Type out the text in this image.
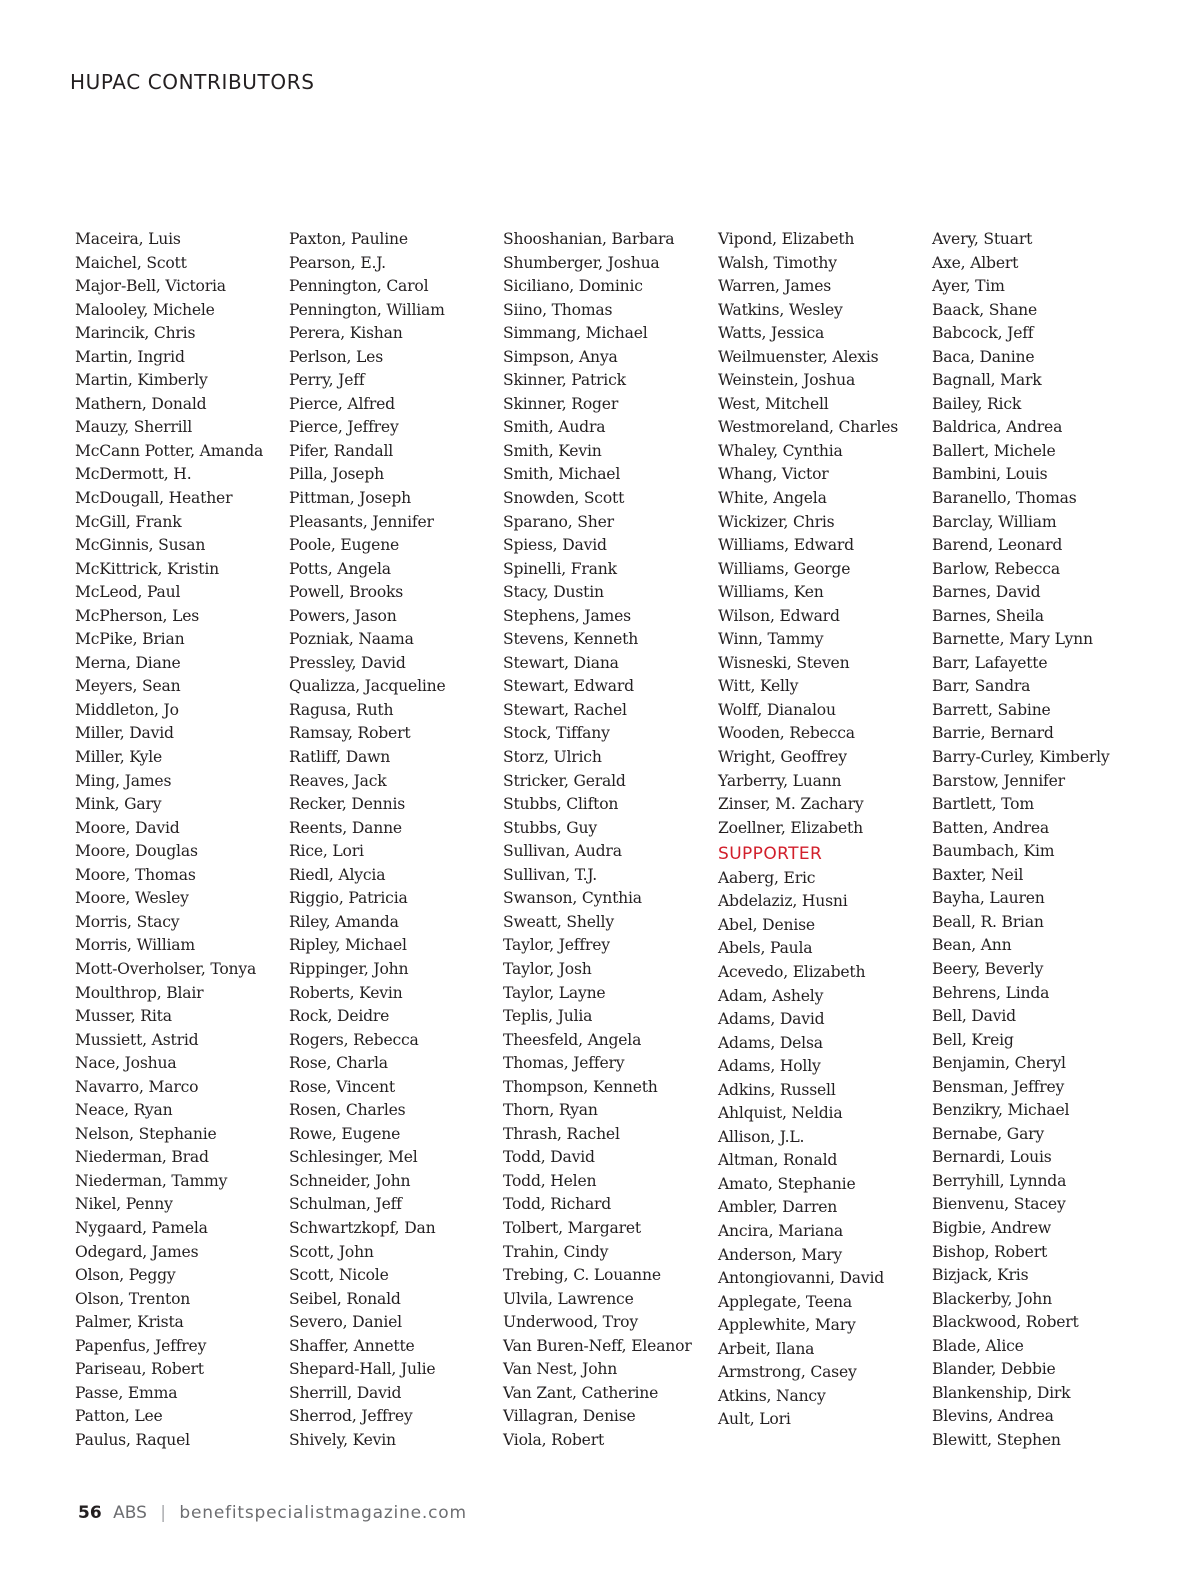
HUPAC CONTRIBUTORS
Maceira, Luis
Maichel, Scott
Major-Bell, Victoria
Malooley, Michele
Marincik, Chris
Martin, Ingrid
Martin, Kimberly
Mathern, Donald
Mauzy, Sherrill
McCann Potter, Amanda
McDermott, H.
McDougall, Heather
McGill, Frank
McGinnis, Susan
McKittrick, Kristin
McLeod, Paul
McPherson, Les
McPike, Brian
Merna, Diane
Meyers, Sean
Middleton, Jo
Miller, David
Miller, Kyle
Ming, James
Mink, Gary
Moore, David
Moore, Douglas
Moore, Thomas
Moore, Wesley
Morris, Stacy
Morris, William
Mott-Overholser, Tonya
Moulthrop, Blair
Musser, Rita
Mussiett, Astrid
Nace, Joshua
Navarro, Marco
Neace, Ryan
Nelson, Stephanie
Niederman, Brad
Niederman, Tammy
Nikel, Penny
Nygaard, Pamela
Odegard, James
Olson, Peggy
Olson, Trenton
Palmer, Krista
Papenfus, Jeffrey
Pariseau, Robert
Passe, Emma
Patton, Lee
Paulus, Raquel
Paxton, Pauline
Pearson, E.J.
Pennington, Carol
Pennington, William
Perera, Kishan
Perlson, Les
Perry, Jeff
Pierce, Alfred
Pierce, Jeffrey
Pifer, Randall
Pilla, Joseph
Pittman, Joseph
Pleasants, Jennifer
Poole, Eugene
Potts, Angela
Powell, Brooks
Powers, Jason
Pozniak, Naama
Pressley, David
Qualizza, Jacqueline
Ragusa, Ruth
Ramsay, Robert
Ratliff, Dawn
Reaves, Jack
Recker, Dennis
Reents, Danne
Rice, Lori
Riedl, Alycia
Riggio, Patricia
Riley, Amanda
Ripley, Michael
Rippinger, John
Roberts, Kevin
Rock, Deidre
Rogers, Rebecca
Rose, Charla
Rose, Vincent
Rosen, Charles
Rowe, Eugene
Schlesinger, Mel
Schneider, John
Schulman, Jeff
Schwartzkopf, Dan
Scott, John
Scott, Nicole
Seibel, Ronald
Severo, Daniel
Shaffer, Annette
Shepard-Hall, Julie
Sherrill, David
Sherrod, Jeffrey
Shively, Kevin
Shooshanian, Barbara
Shumberger, Joshua
Siciliano, Dominic
Siino, Thomas
Simmang, Michael
Simpson, Anya
Skinner, Patrick
Skinner, Roger
Smith, Audra
Smith, Kevin
Smith, Michael
Snowden, Scott
Sparano, Sher
Spiess, David
Spinelli, Frank
Stacy, Dustin
Stephens, James
Stevens, Kenneth
Stewart, Diana
Stewart, Edward
Stewart, Rachel
Stock, Tiffany
Storz, Ulrich
Stricker, Gerald
Stubbs, Clifton
Stubbs, Guy
Sullivan, Audra
Sullivan, T.J.
Swanson, Cynthia
Sweatt, Shelly
Taylor, Jeffrey
Taylor, Josh
Taylor, Layne
Teplis, Julia
Theesfeld, Angela
Thomas, Jeffery
Thompson, Kenneth
Thorn, Ryan
Thrash, Rachel
Todd, David
Todd, Helen
Todd, Richard
Tolbert, Margaret
Trahin, Cindy
Trebing, C. Louanne
Ulvila, Lawrence
Underwood, Troy
Van Buren-Neff, Eleanor
Van Nest, John
Van Zant, Catherine
Villagran, Denise
Viola, Robert
Vipond, Elizabeth
Walsh, Timothy
Warren, James
Watkins, Wesley
Watts, Jessica
Weilmuenster, Alexis
Weinstein, Joshua
West, Mitchell
Westmoreland, Charles
Whaley, Cynthia
Whang, Victor
White, Angela
Wickizer, Chris
Williams, Edward
Williams, George
Williams, Ken
Wilson, Edward
Winn, Tammy
Wisneski, Steven
Witt, Kelly
Wolff, Dianalou
Wooden, Rebecca
Wright, Geoffrey
Yarberry, Luann
Zinser, M. Zachary
Zoellner, Elizabeth
SUPPORTER
Aaberg, Eric
Abdelaziz, Husni
Abel, Denise
Abels, Paula
Acevedo, Elizabeth
Adam, Ashely
Adams, David
Adams, Delsa
Adams, Holly
Adkins, Russell
Ahlquist, Neldia
Allison, J.L.
Altman, Ronald
Amato, Stephanie
Ambler, Darren
Ancira, Mariana
Anderson, Mary
Antongiovanni, David
Applegate, Teena
Applewhite, Mary
Arbeit, Ilana
Armstrong, Casey
Atkins, Nancy
Ault, Lori
Avery, Stuart
Axe, Albert
Ayer, Tim
Baack, Shane
Babcock, Jeff
Baca, Danine
Bagnall, Mark
Bailey, Rick
Baldrica, Andrea
Ballert, Michele
Bambini, Louis
Baranello, Thomas
Barclay, William
Barend, Leonard
Barlow, Rebecca
Barnes, David
Barnes, Sheila
Barnette, Mary Lynn
Barr, Lafayette
Barr, Sandra
Barrett, Sabine
Barrie, Bernard
Barry-Curley, Kimberly
Barstow, Jennifer
Bartlett, Tom
Batten, Andrea
Baumbach, Kim
Baxter, Neil
Bayha, Lauren
Beall, R. Brian
Bean, Ann
Beery, Beverly
Behrens, Linda
Bell, David
Bell, Kreig
Benjamin, Cheryl
Bensman, Jeffrey
Benzikry, Michael
Bernabe, Gary
Bernardi, Louis
Berryhill, Lynnda
Bienvenu, Stacey
Bigbie, Andrew
Bishop, Robert
Bizjack, Kris
Blackerby, John
Blackwood, Robert
Blade, Alice
Blander, Debbie
Blankenship, Dirk
Blevins, Andrea
Blewitt, Stephen
56 ABS | benefitspecialistmagazine.com
